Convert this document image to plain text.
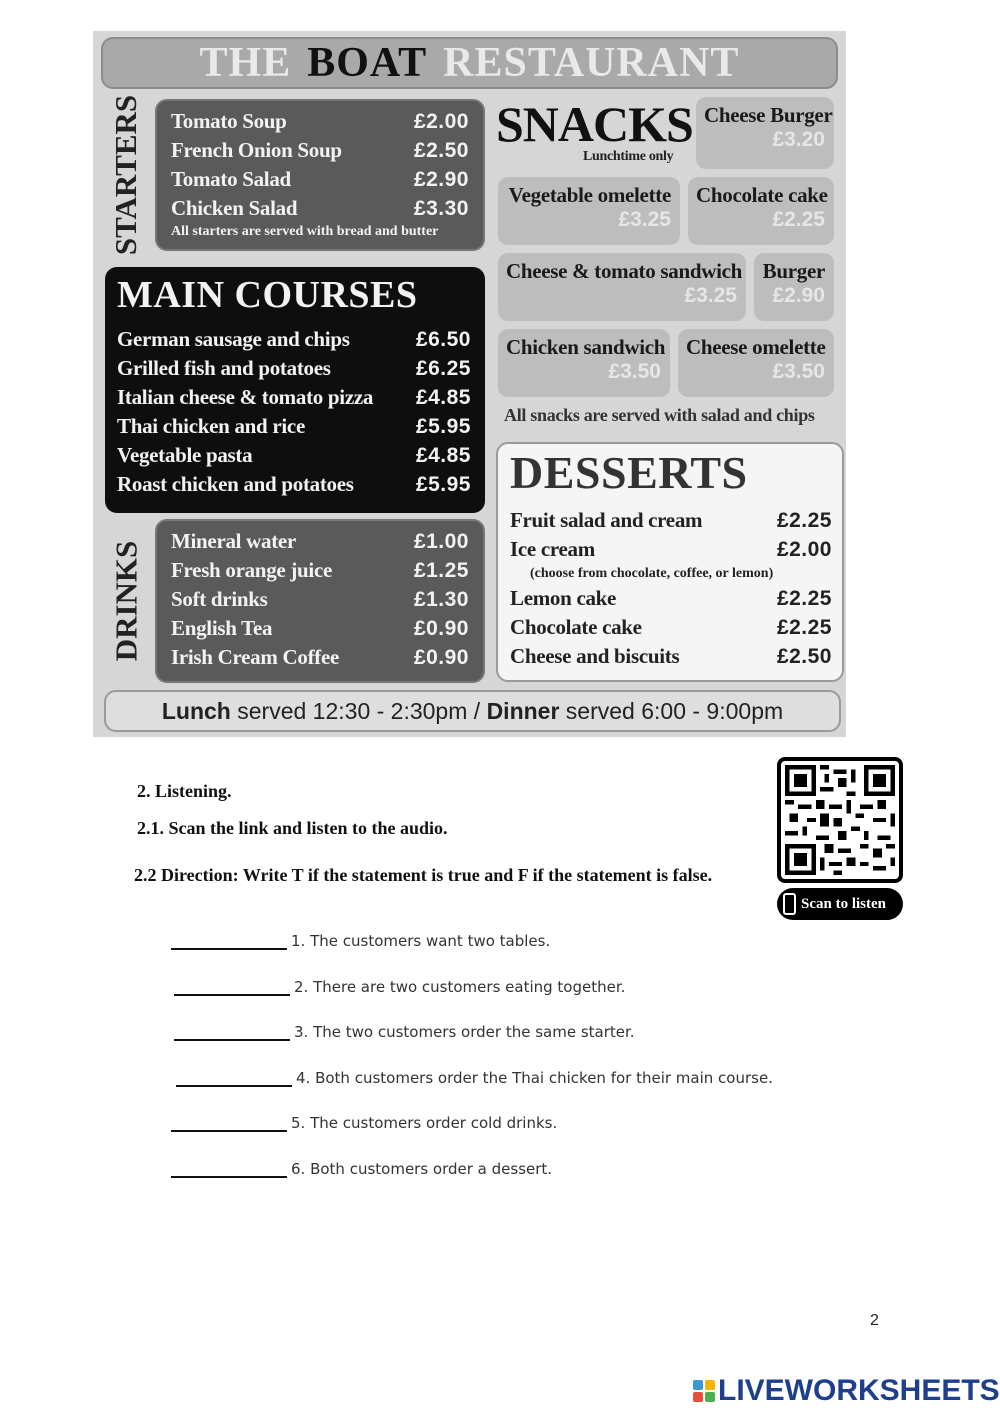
THE BOAT RESTAURANT
STARTERS Tomato Soup	£2.00
French Onion Soup	£2.50
Tomato Salad	£2.90
Chicken Salad	£3.30
All starters are served with bread and butter
MAIN COURSES
German sausage and chips	£6.50
Grilled fish and potatoes	£6.25
Italian cheese & tomato pizza £4.85
Thai chicken and rice	£5.95
Vegetable pasta	£4.85
Roast chicken and potatoes	£5.95
DRINKS Mineral water	£1.00
Fresh orange juice	£1.25
Soft drinks	£1.30
English Tea	£0.90
Irish Cream Coffee	£0.90
SNACKS
Lunchtime only
Cheese Burger
£3.20
Vegetable omelette
£3.25
Chocolate cake
£2.25
Cheese & tomato sandwich
£3.25
Burger
£2.90
Chicken sandwich
£3.50
Cheese omelette
£3.50
All snacks are served with salad and chips
DESSERTS
Fruit salad and cream	£2.25
Ice cream	£2.00
(choose from chocolate, coffee, or lemon)
Lemon cake	£2.25
Chocolate cake	£2.25
Cheese and biscuits	£2.50
Lunch
served 12:30 - 2:30pm /
Dinner
served 6:00 - 9:00pm
2. Listening.
2.1. Scan the link and listen to the audio.
2.2 Direction: Write T if the statement is true and F if the statement is false.
Scan to listen
1. The customers want two tables.
2. There are two customers eating together.
3. The two customers order the same starter.
4. Both customers order the Thai chicken for their main course.
5. The customers order cold drinks.
6. Both customers order a dessert.
2
LIVEWORKSHEETS
